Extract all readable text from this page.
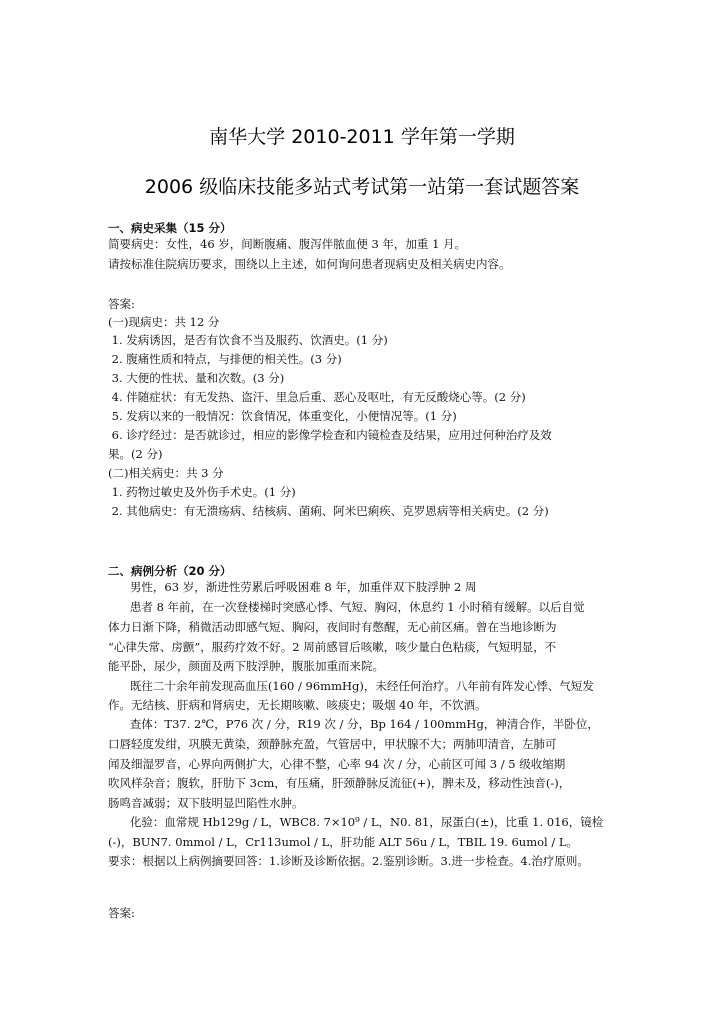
南华大学 2010-2011 学年第一学期
2006 级临床技能多站式考试第一站第一套试题答案
一、病史采集（15 分）
简要病史：女性，46 岁，间断腹痛、腹泻伴脓血便 3 年，加重 1 月。
请按标准住院病历要求，围绕以上主述，如何询问患者现病史及相关病史内容。
答案:
(一)现病史：共 12 分
1. 发病诱因，是否有饮食不当及服药、饮酒史。(1 分)
2. 腹痛性质和特点，与排便的相关性。(3 分)
3. 大便的性状、量和次数。(3 分)
4. 伴随症状：有无发热、盗汗、里急后重、恶心及呕吐，有无反酸烧心等。(2 分)
5. 发病以来的一般情况：饮食情况，体重变化，小便情况等。(1 分)
6. 诊疗经过：是否就诊过，相应的影像学检查和内镜检查及结果，应用过何种治疗及效
果。(2 分)
(二)相关病史：共 3 分
1. 药物过敏史及外伤手术史。(1 分)
2. 其他病史：有无溃疡病、结核病、菌痢、阿米巴痢疾、克罗恩病等相关病史。(2 分)
二、病例分析（20 分）
男性，63 岁，渐进性劳累后呼吸困难 8 年，加重伴双下肢浮肿 2 周
患者 8 年前，在一次登楼梯时突感心悸、气短、胸闷，休息约 1 小时稍有缓解。以后自觉
体力日渐下降，稍微活动即感气短、胸闷，夜间时有憋醒，无心前区痛。曾在当地诊断为
“心律失常、房颤”，服药疗效不好。2 周前感冒后咳嗽，咳少量白色粘痰，气短明显，不
能平卧，尿少，颜面及两下肢浮肿，腹胀加重而来院。
既往二十余年前发现高血压(160 / 96mmHg)，未经任何治疗。八年前有阵发心悸、气短发
作。无结核、肝病和肾病史，无长期咳嗽、咳痰史；吸烟 40 年，不饮酒。
查体：T37. 2℃，P76 次 / 分，R19 次 / 分，Bp 164 / 100mmHg，神清合作，半卧位，
口唇轻度发绀，巩膜无黄染，颈静脉充盈，气管居中，甲状腺不大；两肺叩清音，左肺可
闻及细湿罗音，心界向两侧扩大，心律不整，心率 94 次 / 分，心前区可闻 3 / 5 级收缩期
吹风样杂音；腹软，肝肋下 3cm，有压痛，肝颈静脉反流征(+)，脾未及，移动性浊音(-)，
肠鸣音减弱；双下肢明显凹陷性水肿。
化验：血常规 Hb129g / L，WBC8. 7×10⁹ / L，N0. 81，尿蛋白(±)，比重 1. 016，镜检
(-)，BUN7. 0mmol / L，Cr113umol / L，肝功能 ALT 56u / L，TBIL 19. 6umol / L。
要求：根据以上病例摘要回答：1.诊断及诊断依据。2.鉴别诊断。3.进一步检查。4.治疗原则。
答案:
